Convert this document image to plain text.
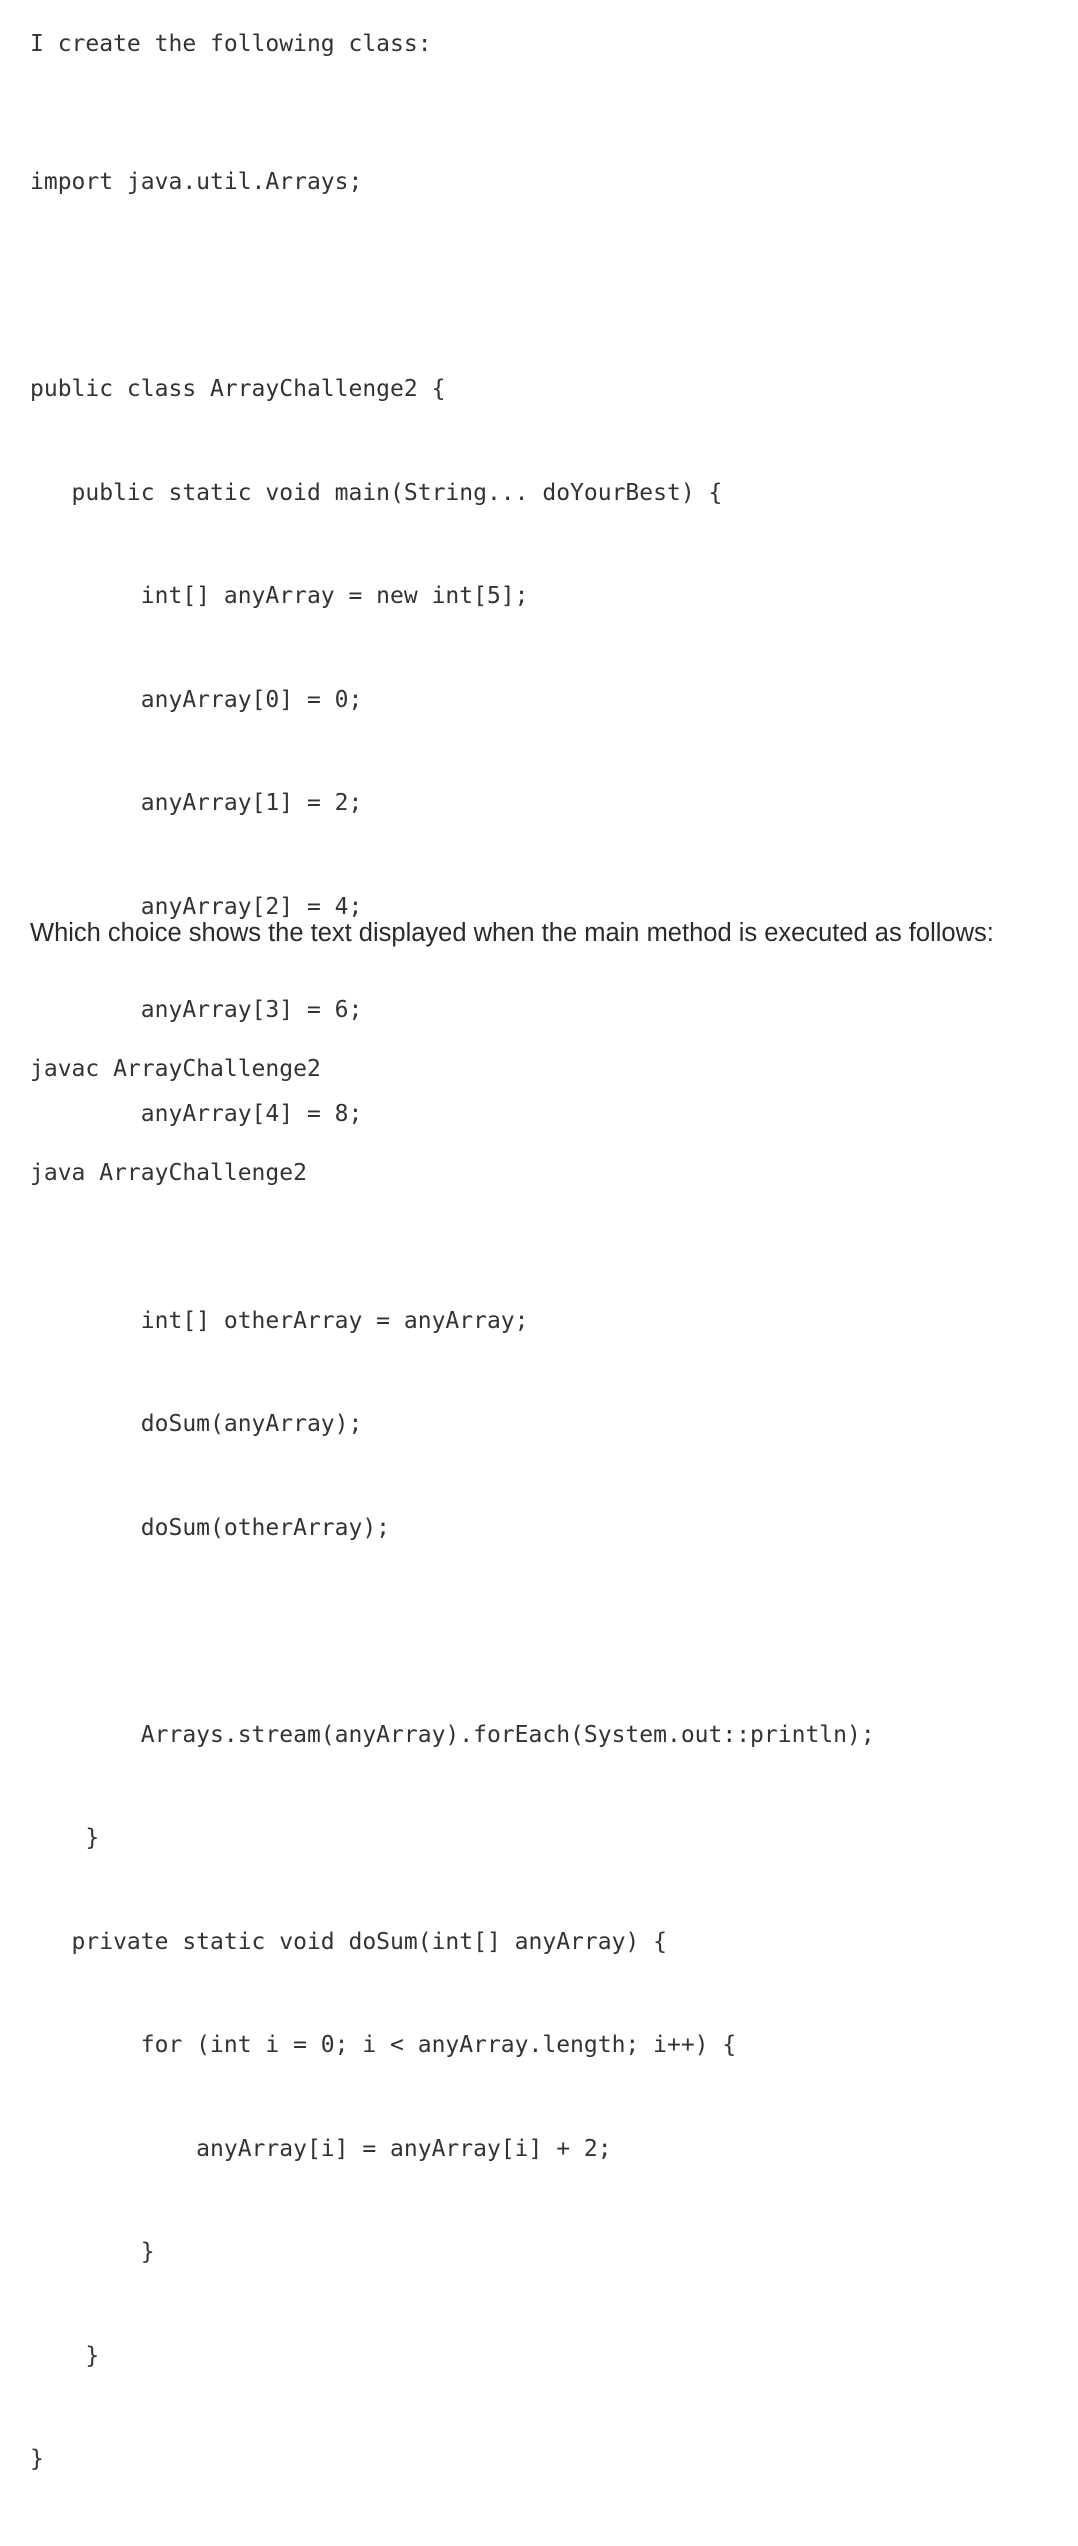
I create the following class:

import java.util.Arrays;

public class ArrayChallenge2 {

public static void main(String... doYourBest) {

int[] anyArray = new int[5];

anyArray[0] = 0;

anyArray[1] = 2;

anyArray[2] = 4;

anyArray[3] = 6;

anyArray[4] = 8;

int[] otherArray = anyArray;

doSum(anyArray);

doSum(otherArray);

Arrays.stream(anyArray).forEach(System.out::println);

}

private static void doSum(int[] anyArray) {

for (int i = 0; i < anyArray.length; i++) {

anyArray[i] = anyArray[i] + 2;

}

}

}

Which choice shows the text displayed when the main method is executed as follows:

javac ArrayChallenge2

java ArrayChallenge2
